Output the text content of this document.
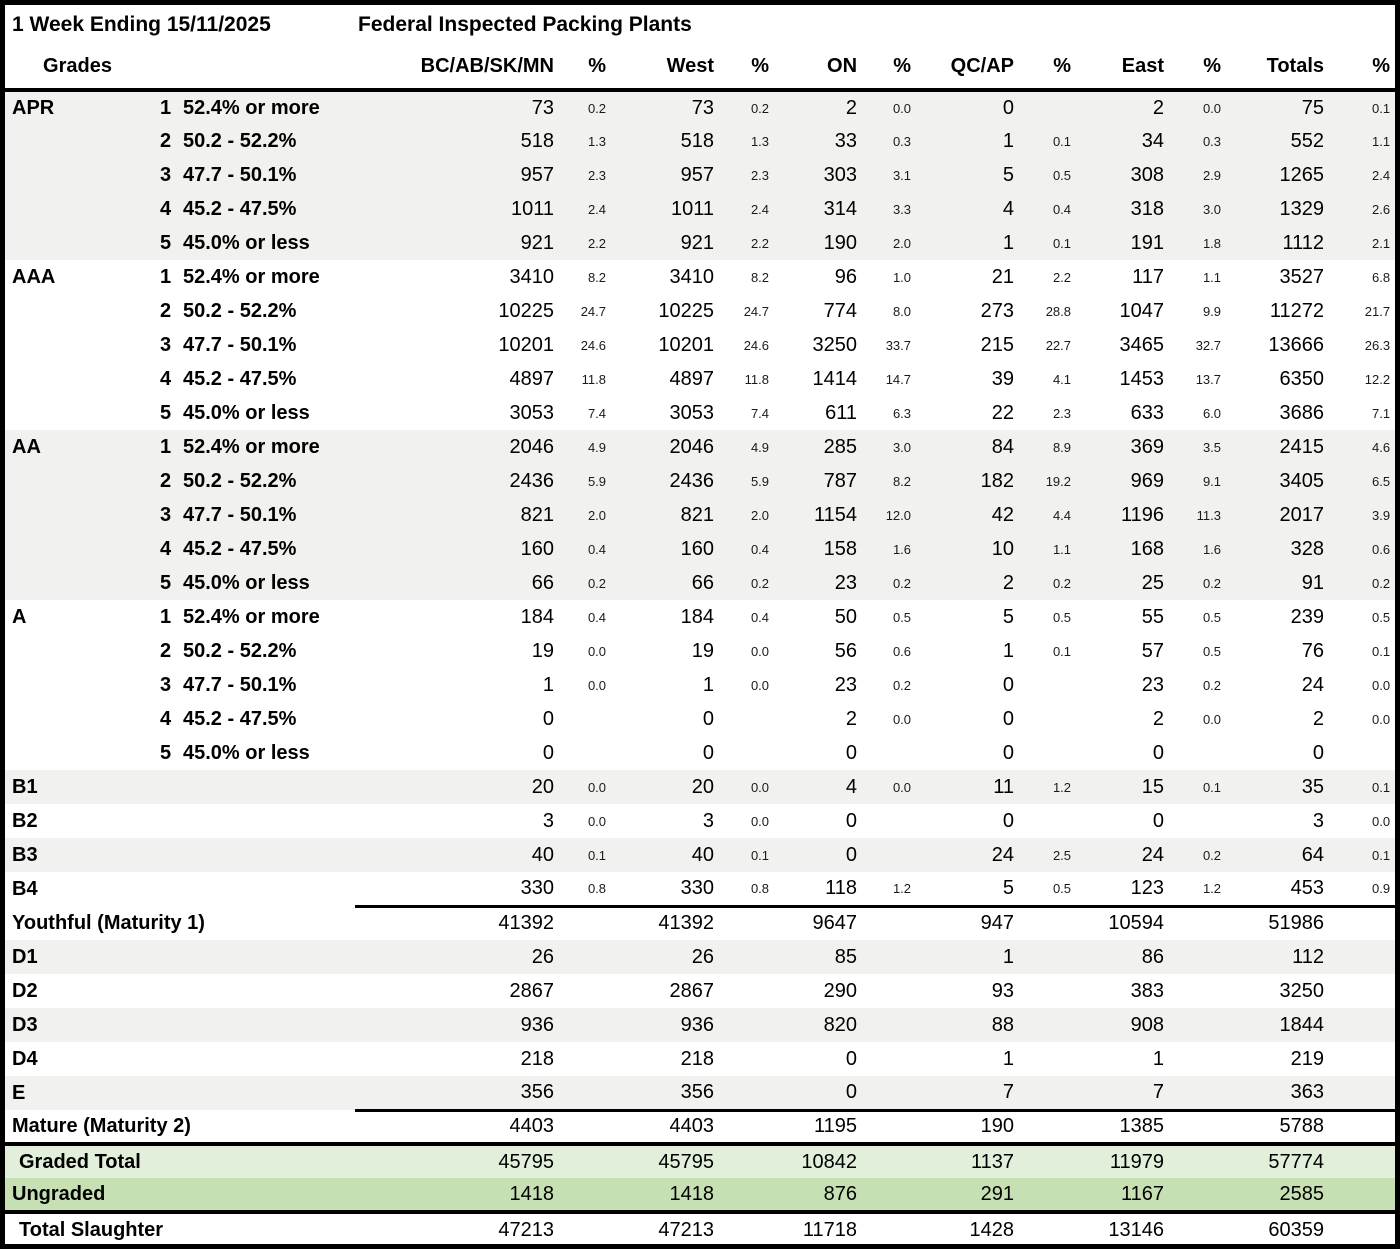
1 Week Ending 15/11/2025		Federal Inspected Packing Plants											
Grades		BC/AB/SK/MN	%	West	%	ON	%	QC/AP	%	East	%	Totals	%
APR	1 52.4% or more	73	0.2	73	0.2	2	0.0	0		2	0.0	75	0.1
	2 50.2 - 52.2%	518	1.3	518	1.3	33	0.3	1	0.1	34	0.3	552	1.1
	3 47.7 - 50.1%	957	2.3	957	2.3	303	3.1	5	0.5	308	2.9	1265	2.4
	4 45.2 - 47.5%	1011	2.4	1011	2.4	314	3.3	4	0.4	318	3.0	1329	2.6
	5 45.0% or less	921	2.2	921	2.2	190	2.0	1	0.1	191	1.8	1112	2.1
AAA	1 52.4% or more	3410	8.2	3410	8.2	96	1.0	21	2.2	117	1.1	3527	6.8
	2 50.2 - 52.2%	10225	24.7	10225	24.7	774	8.0	273	28.8	1047	9.9	11272	21.7
	3 47.7 - 50.1%	10201	24.6	10201	24.6	3250	33.7	215	22.7	3465	32.7	13666	26.3
	4 45.2 - 47.5%	4897	11.8	4897	11.8	1414	14.7	39	4.1	1453	13.7	6350	12.2
	5 45.0% or less	3053	7.4	3053	7.4	611	6.3	22	2.3	633	6.0	3686	7.1
AA	1 52.4% or more	2046	4.9	2046	4.9	285	3.0	84	8.9	369	3.5	2415	4.6
	2 50.2 - 52.2%	2436	5.9	2436	5.9	787	8.2	182	19.2	969	9.1	3405	6.5
	3 47.7 - 50.1%	821	2.0	821	2.0	1154	12.0	42	4.4	1196	11.3	2017	3.9
	4 45.2 - 47.5%	160	0.4	160	0.4	158	1.6	10	1.1	168	1.6	328	0.6
	5 45.0% or less	66	0.2	66	0.2	23	0.2	2	0.2	25	0.2	91	0.2
A	1 52.4% or more	184	0.4	184	0.4	50	0.5	5	0.5	55	0.5	239	0.5
	2 50.2 - 52.2%	19	0.0	19	0.0	56	0.6	1	0.1	57	0.5	76	0.1
	3 47.7 - 50.1%	1	0.0	1	0.0	23	0.2	0		23	0.2	24	0.0
	4 45.2 - 47.5%	0		0		2	0.0	0		2	0.0	2	0.0
	5 45.0% or less	0		0		0		0		0		0	
B1		20	0.0	20	0.0	4	0.0	11	1.2	15	0.1	35	0.1
B2		3	0.0	3	0.0	0		0		0		3	0.0
B3		40	0.1	40	0.1	0		24	2.5	24	0.2	64	0.1
B4		330	0.8	330	0.8	118	1.2	5	0.5	123	1.2	453	0.9
Youthful (Maturity 1)		41392		41392		9647		947		10594		51986	
D1		26		26		85		1		86		112	
D2		2867		2867		290		93		383		3250	
D3		936		936		820		88		908		1844	
D4		218		218		0		1		1		219	
E		356		356		0		7		7		363	
Mature (Maturity 2)		4403		4403		1195		190		1385		5788	
Graded Total		45795		45795		10842		1137		11979		57774	
Ungraded		1418		1418		876		291		1167		2585	
Total Slaughter		47213		47213		11718		1428		13146		60359	
